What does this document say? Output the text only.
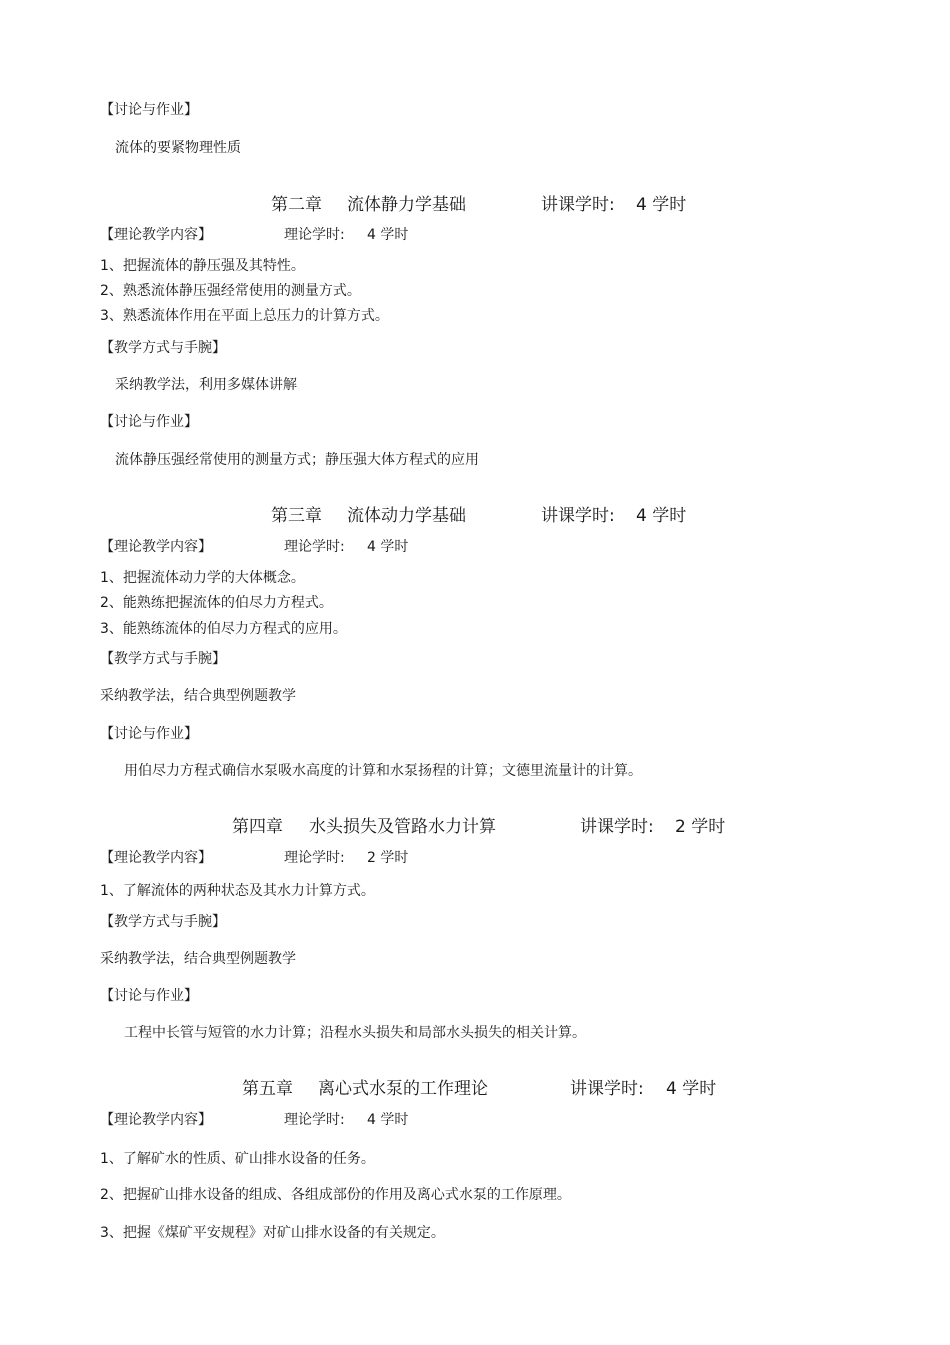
【讨论与作业】
流体的要紧物理性质

第二章

流体静力学基础

	讲课学时:

4 学时

【理论教学内容】	理论学时: 4 学时
1、把握流体的静压强及其特性。
2、熟悉流体静压强经常使用的测量方式。
3、熟悉流体作用在平面上总压力的计算方式。
【教学方式与手腕】
采纳教学法，利用多媒体讲解
【讨论与作业】
流体静压强经常使用的测量方式；静压强大体方程式的应用

第三章

流体动力学基础

	讲课学时:

4 学时

【理论教学内容】	理论学时: 4 学时
1、把握流体动力学的大体概念。
2、能熟练把握流体的伯尽力方程式。
3、能熟练流体的伯尽力方程式的应用。
【教学方式与手腕】
采纳教学法，结合典型例题教学
【讨论与作业】
用伯尽力方程式确信水泵吸水高度的计算和水泵扬程的计算；文德里流量计的计算。

第四章

水头损失及管路水力计算

	讲课学时:

2 学时

【理论教学内容】	理论学时: 2 学时
1、了解流体的两种状态及其水力计算方式。
【教学方式与手腕】
采纳教学法，结合典型例题教学
【讨论与作业】
工程中长管与短管的水力计算；沿程水头损失和局部水头损失的相关计算。

第五章

离心式水泵的工作理论

	讲课学时:

4 学时

【理论教学内容】	理论学时: 4 学时
1、了解矿水的性质、矿山排水设备的任务。
2、把握矿山排水设备的组成、各组成部份的作用及离心式水泵的工作原理。
3、把握《煤矿平安规程》对矿山排水设备的有关规定。
